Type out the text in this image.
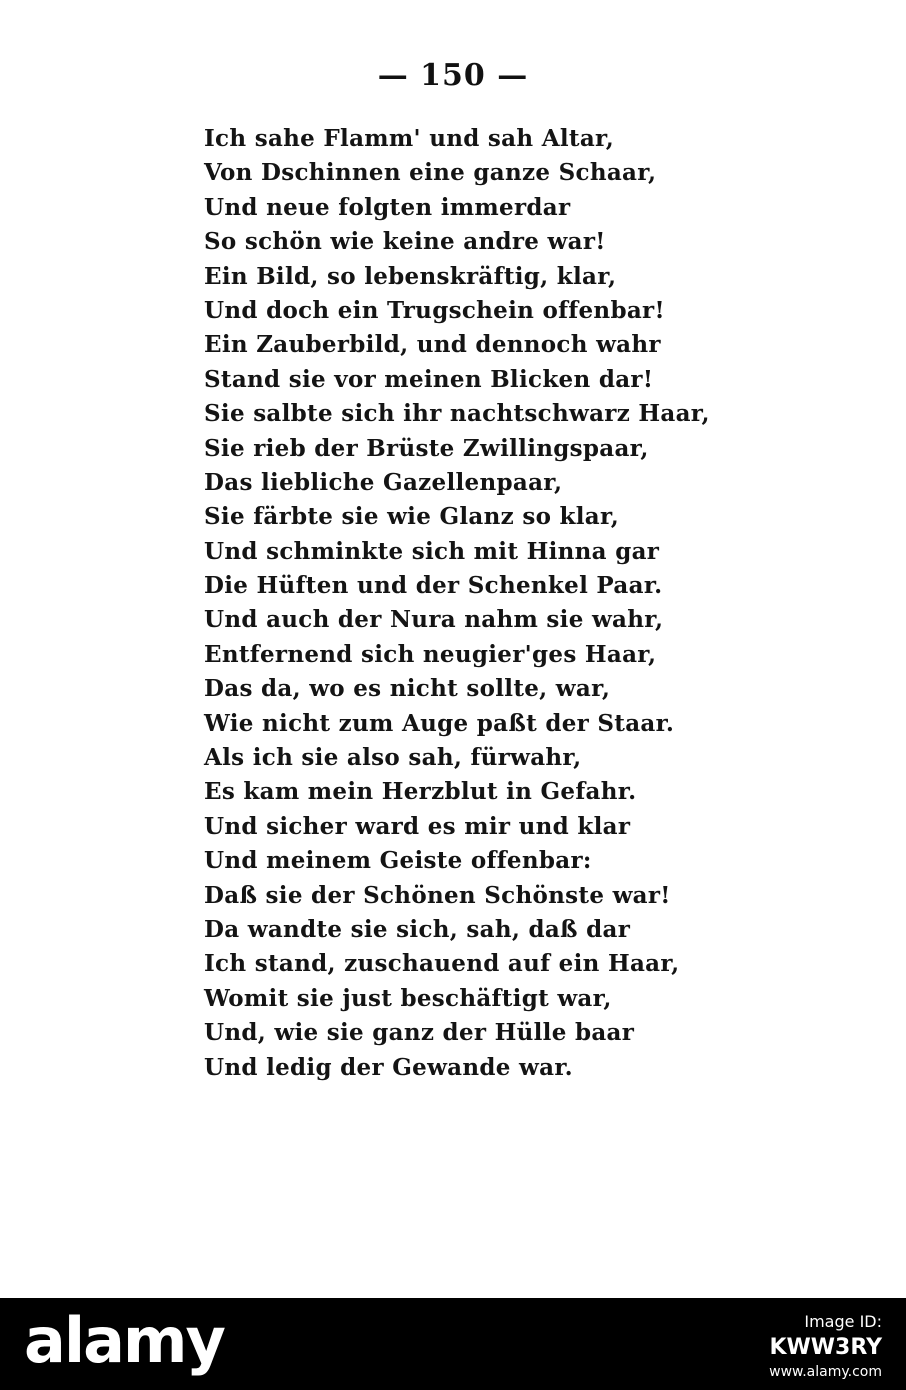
— 150 —
Ich sahe Flamm' und sah Altar,
Von Dschinnen eine ganze Schaar,
Und neue folgten immerdar
So schön wie keine andre war!
Ein Bild, so lebenskräftig, klar,
Und doch ein Trugschein offenbar!
Ein Zauberbild, und dennoch wahr
Stand sie vor meinen Blicken dar!
Sie salbte sich ihr nachtschwarz Haar,
Sie rieb der Brüste Zwillingspaar,
Das liebliche Gazellenpaar,
Sie färbte sie wie Glanz so klar,
Und schminkte sich mit Hinna gar
Die Hüften und der Schenkel Paar.
Und auch der Nura nahm sie wahr,
Entfernend sich neugier'ges Haar,
Das da, wo es nicht sollte, war,
Wie nicht zum Auge paßt der Staar.
Als ich sie also sah, fürwahr,
Es kam mein Herzblut in Gefahr.
Und sicher ward es mir und klar
Und meinem Geiste offenbar:
Daß sie der Schönen Schönste war!
Da wandte sie sich, sah, daß dar
Ich stand, zuschauend auf ein Haar,
Womit sie just beschäftigt war,
Und, wie sie ganz der Hülle baar
Und ledig der Gewande war.
alamy	Image ID:
KWW3RY
www.alamy.com
